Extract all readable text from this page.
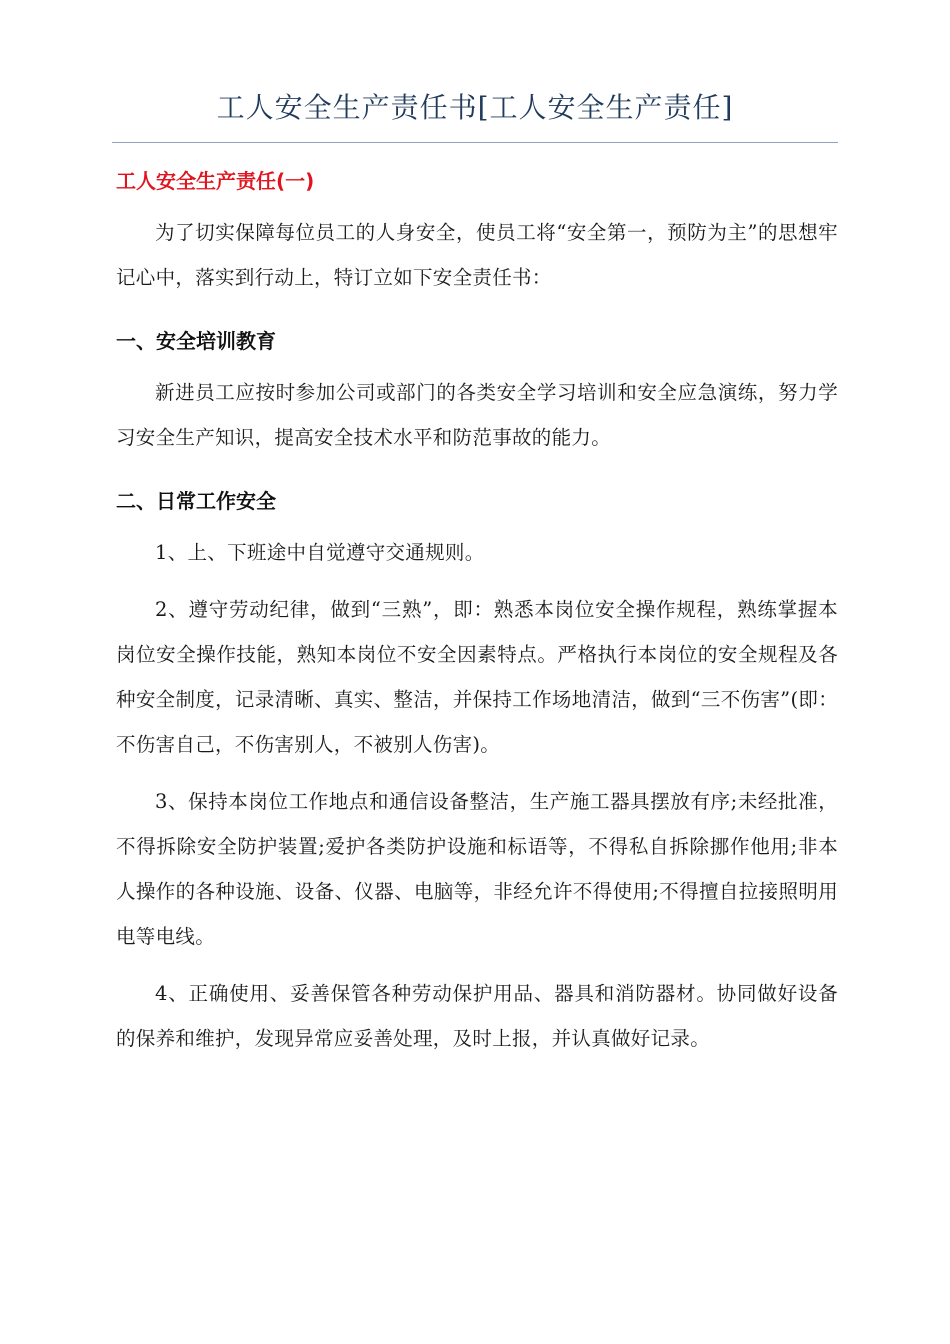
工人安全生产责任书[工人安全生产责任]
工人安全生产责任(一)

为了切实保障每位员工的人身安全，使员工将“安全第一，预防为主”的思想牢记心中，落实到行动上，特订立如下安全责任书：

一、安全培训教育

新进员工应按时参加公司或部门的各类安全学习培训和安全应急演练，努力学习安全生产知识，提高安全技术水平和防范事故的能力。

二、日常工作安全

1、上、下班途中自觉遵守交通规则。

2、遵守劳动纪律，做到“三熟”，即：熟悉本岗位安全操作规程，熟练掌握本岗位安全操作技能，熟知本岗位不安全因素特点。严格执行本岗位的安全规程及各种安全制度，记录清晰、真实、整洁，并保持工作场地清洁，做到“三不伤害”(即：不伤害自己，不伤害别人，不被别人伤害)。

3、保持本岗位工作地点和通信设备整洁，生产施工器具摆放有序;未经批准，不得拆除安全防护装置;爱护各类防护设施和标语等，不得私自拆除挪作他用;非本人操作的各种设施、设备、仪器、电脑等，非经允许不得使用;不得擅自拉接照明用电等电线。

4、正确使用、妥善保管各种劳动保护用品、器具和消防器材。协同做好设备的保养和维护，发现异常应妥善处理，及时上报，并认真做好记录。
